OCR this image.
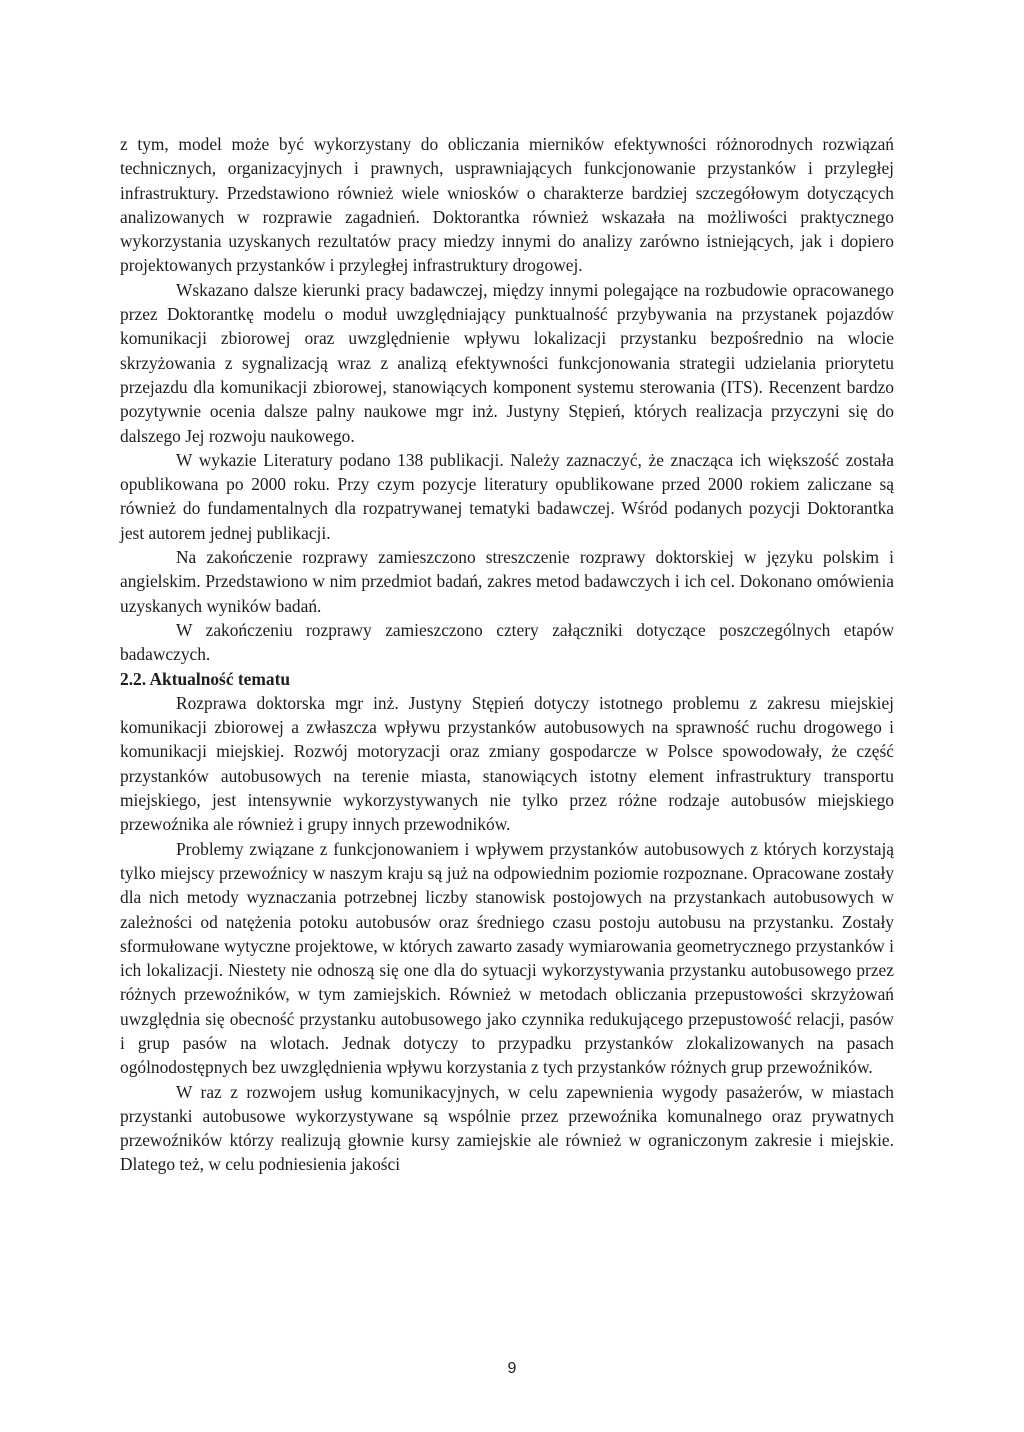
z tym, model może być wykorzystany do obliczania mierników efektywności różnorodnych rozwiązań technicznych, organizacyjnych i prawnych, usprawniających funkcjonowanie przystanków i przyległej infrastruktury. Przedstawiono również wiele wniosków o charakterze bardziej szczegółowym dotyczących analizowanych w rozprawie zagadnień. Doktorantka również wskazała na możliwości praktycznego wykorzystania uzyskanych rezultatów pracy miedzy innymi do analizy zarówno istniejących, jak i dopiero projektowanych przystanków i przyległej infrastruktury drogowej.

Wskazano dalsze kierunki pracy badawczej, między innymi polegające na rozbudowie opracowanego przez Doktorantkę modelu o moduł uwzględniający punktualność przybywania na przystanek pojazdów komunikacji zbiorowej oraz uwzględnienie wpływu lokalizacji przystanku bezpośrednio na wlocie skrzyżowania z sygnalizacją wraz z analizą efektywności funkcjonowania strategii udzielania priorytetu przejazdu dla komunikacji zbiorowej, stanowiących komponent systemu sterowania (ITS). Recenzent bardzo pozytywnie ocenia dalsze palny naukowe mgr inż. Justyny Stępień, których realizacja przyczyni się do dalszego Jej rozwoju naukowego.

W wykazie Literatury podano 138 publikacji. Należy zaznaczyć, że znacząca ich większość została opublikowana po 2000 roku. Przy czym pozycje literatury opublikowane przed 2000 rokiem zaliczane są również do fundamentalnych dla rozpatrywanej tematyki badawczej. Wśród podanych pozycji Doktorantka jest autorem jednej publikacji.

Na zakończenie rozprawy zamieszczono streszczenie rozprawy doktorskiej w języku polskim i angielskim. Przedstawiono w nim przedmiot badań, zakres metod badawczych i ich cel. Dokonano omówienia uzyskanych wyników badań.

W zakończeniu rozprawy zamieszczono cztery załączniki dotyczące poszczególnych etapów badawczych.

2.2. Aktualność tematu

Rozprawa doktorska mgr inż. Justyny Stępień dotyczy istotnego problemu z zakresu miejskiej komunikacji zbiorowej a zwłaszcza wpływu przystanków autobusowych na sprawność ruchu drogowego i komunikacji miejskiej. Rozwój motoryzacji oraz zmiany gospodarcze w Polsce spowodowały, że część przystanków autobusowych na terenie miasta, stanowiących istotny element infrastruktury transportu miejskiego, jest intensywnie wykorzystywanych nie tylko przez różne rodzaje autobusów miejskiego przewoźnika ale również i grupy innych przewodników.

Problemy związane z funkcjonowaniem i wpływem przystanków autobusowych z których korzystają tylko miejscy przewoźnicy w naszym kraju są już na odpowiednim poziomie rozpoznane. Opracowane zostały dla nich metody wyznaczania potrzebnej liczby stanowisk postojowych na przystankach autobusowych w zależności od natężenia potoku autobusów oraz średniego czasu postoju autobusu na przystanku. Zostały sformułowane wytyczne projektowe, w których zawarto zasady wymiarowania geometrycznego przystanków i ich lokalizacji. Niestety nie odnoszą się one dla do sytuacji wykorzystywania przystanku autobusowego przez różnych przewoźników, w tym zamiejskich. Również w metodach obliczania przepustowości skrzyżowań uwzględnia się obecność przystanku autobusowego jako czynnika redukującego przepustowość relacji, pasów i grup pasów na wlotach. Jednak dotyczy to przypadku przystanków zlokalizowanych na pasach ogólnodostępnych bez uwzględnienia wpływu korzystania z tych przystanków różnych grup przewoźników.

W raz z rozwojem usług komunikacyjnych, w celu zapewnienia wygody pasażerów, w miastach przystanki autobusowe wykorzystywane są wspólnie przez przewoźnika komunalnego oraz prywatnych przewoźników którzy realizują głownie kursy zamiejskie ale również w ograniczonym zakresie i miejskie. Dlatego też, w celu podniesienia jakości

9
